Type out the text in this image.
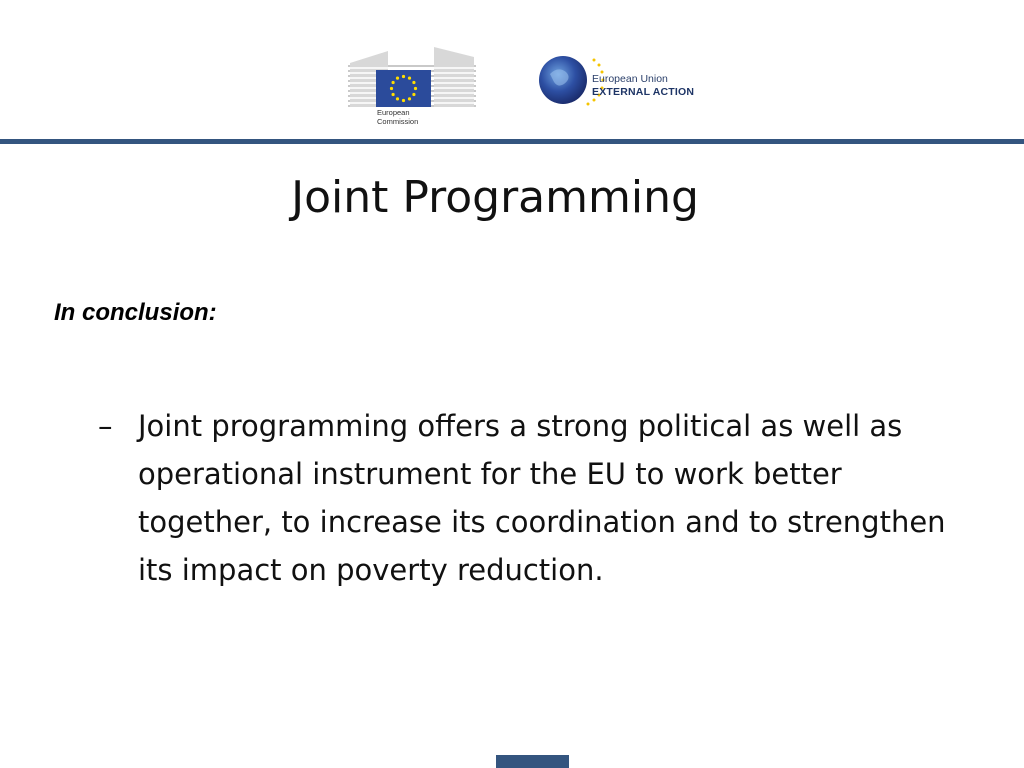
European
Commission
European Union
EXTERNAL ACTION
Joint Programming

In conclusion:

– Joint programming offers a strong political as well as operational instrument for the EU to work better together, to increase its coordination and to strengthen its impact on poverty reduction.
